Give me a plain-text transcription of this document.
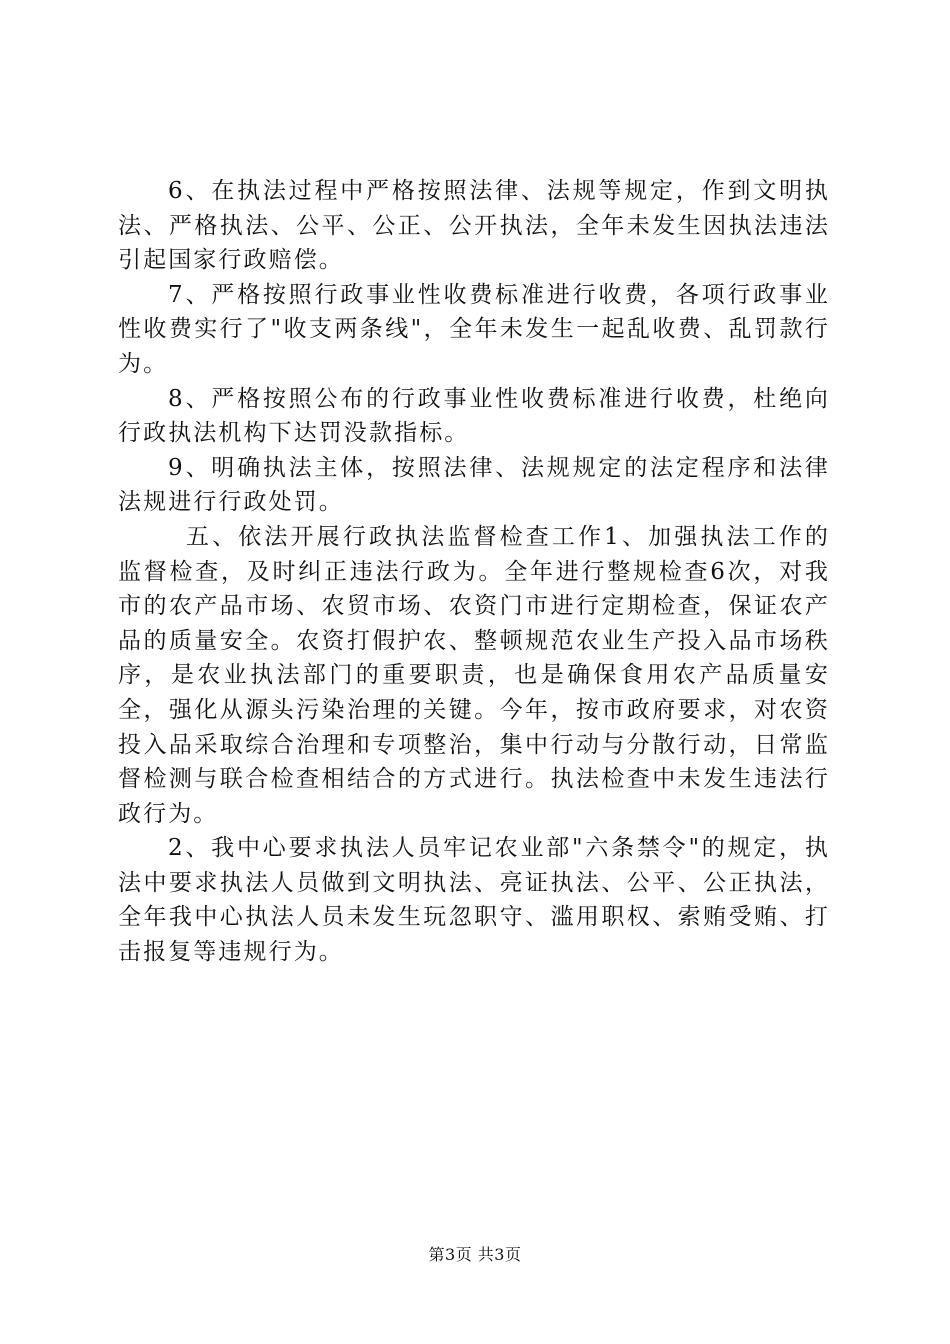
6、在执法过程中严格按照法律、法规等规定，作到文明执法、严格执法、公平、公正、公开执法，全年未发生因执法违法引起国家行政赔偿。

7、严格按照行政事业性收费标准进行收费，各项行政事业性收费实行了"收支两条线"，全年未发生一起乱收费、乱罚款行为。

8、严格按照公布的行政事业性收费标准进行收费，杜绝向行政执法机构下达罚没款指标。

9、明确执法主体，按照法律、法规规定的法定程序和法律法规进行行政处罚。

五、依法开展行政执法监督检查工作1、加强执法工作的监督检查，及时纠正违法行政为。全年进行整规检查6次，对我市的农产品市场、农贸市场、农资门市进行定期检查，保证农产品的质量安全。农资打假护农、整顿规范农业生产投入品市场秩序，是农业执法部门的重要职责，也是确保食用农产品质量安全，强化从源头污染治理的关键。今年，按市政府要求，对农资投入品采取综合治理和专项整治，集中行动与分散行动，日常监督检测与联合检查相结合的方式进行。执法检查中未发生违法行政行为。

2、我中心要求执法人员牢记农业部"六条禁令"的规定，执法中要求执法人员做到文明执法、亮证执法、公平、公正执法，全年我中心执法人员未发生玩忽职守、滥用职权、索贿受贿、打击报复等违规行为。

第3页 共3页
